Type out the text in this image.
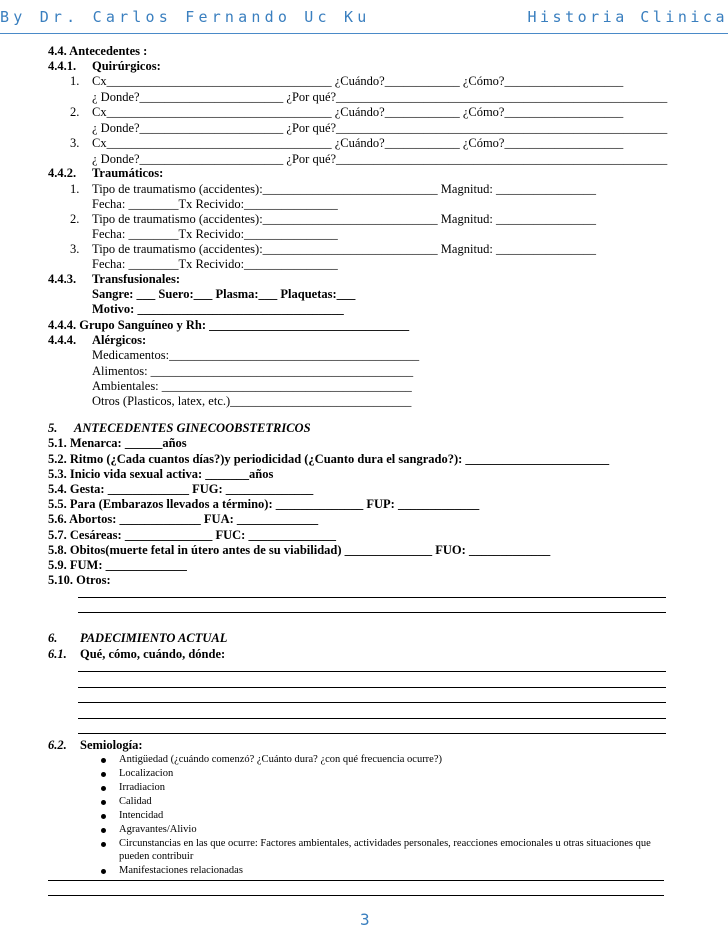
By Dr. Carlos Fernando Uc Ku	Historia Clinica
4.4. Antecedentes :
4.4.1. Quirúrgicos:
1. Cx____________________________________ ¿Cuándo?____________ ¿Cómo?___________________
¿ Donde?_______________________ ¿Por qué?_____________________________________________________
2. Cx____________________________________ ¿Cuándo?____________ ¿Cómo?___________________
¿ Donde?_______________________ ¿Por qué?_____________________________________________________
3. Cx____________________________________ ¿Cuándo?____________ ¿Cómo?___________________
¿ Donde?_______________________ ¿Por qué?_____________________________________________________
4.4.2. Traumáticos:
1. Tipo de traumatismo (accidentes):____________________________ Magnitud: ________________
Fecha: ________Tx Recivido:_______________
2. Tipo de traumatismo (accidentes):____________________________ Magnitud: ________________
Fecha: ________Tx Recivido:_______________
3. Tipo de traumatismo (accidentes):____________________________ Magnitud: ________________
Fecha: ________Tx Recivido:_______________
4.4.3. Transfusionales:
Sangre: ___ Suero:___ Plasma:___ Plaquetas:___
Motivo: _________________________________
4.4.4. Grupo Sanguíneo y Rh: ________________________________
4.4.4. Alérgicos:
Medicamentos:________________________________________
Alimentos: __________________________________________
Ambientales: ________________________________________
Otros (Plasticos, latex, etc.)_____________________________
5. ANTECEDENTES GINECOOBSTETRICOS
5.1. Menarca: ______años
5.2. Ritmo (¿Cada cuantos días?)y periodicidad (¿Cuanto dura el sangrado?): _______________________
5.3. Inicio vida sexual activa: _______años
5.4. Gesta: _____________ FUG: ______________
5.5. Para (Embarazos llevados a término): ______________ FUP: _____________
5.6. Abortos: _____________ FUA: _____________
5.7. Cesáreas: ______________ FUC: ______________
5.8. Obitos(muerte fetal in útero antes de su viabilidad) ______________ FUO: _____________
5.9. FUM: _____________
5.10. Otros:
6. PADECIMIENTO ACTUAL
6.1. Qué, cómo, cuándo, dónde:
6.2. Semiología:
Antigüedad (¿cuándo comenzó? ¿Cuánto dura? ¿con qué frecuencia ocurre?)
Localizacion
Irradiacion
Calidad
Intencidad
Agravantes/Alivio
Circunstancias en las que ocurre: Factores ambientales, actividades personales, reacciones emocionales u otras situaciones que
pueden contribuir
Manifestaciones relacionadas
3
